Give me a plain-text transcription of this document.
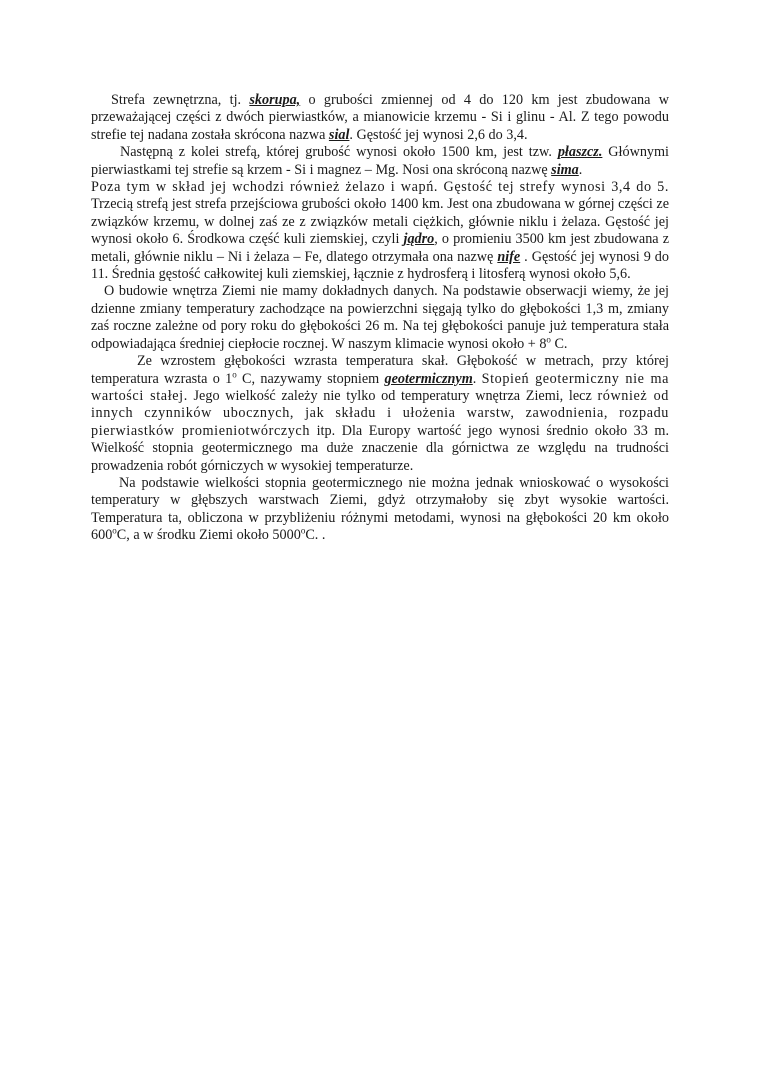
Strefa zewnętrzna, tj. skorupa, o grubości zmiennej od 4 do 120 km jest zbudowana w przeważającej części z dwóch pierwiastków, a mianowicie krzemu - Si i glinu - Al. Z tego powodu strefie tej nadana została skrócona nazwa sial. Gęstość jej wynosi 2,6 do 3,4.

Następną z kolei strefą, której grubość wynosi około 1500 km, jest tzw. płaszcz. Głównymi pierwiastkami tej strefie są krzem - Si i magnez – Mg. Nosi ona skróconą nazwę sima.

Poza tym w skład jej wchodzi również żelazo i wapń. Gęstość tej strefy wynosi 3,4 do 5. Trzecią strefą jest strefa przejściowa grubości około 1400 km. Jest ona zbudowana w górnej części ze związków krzemu, w dolnej zaś ze z związków metali ciężkich, głównie niklu i żelaza. Gęstość jej wynosi około 6. Środkowa część kuli ziemskiej, czyli jądro, o promieniu 3500 km jest zbudowana z metali, głównie niklu – Ni i żelaza – Fe, dlatego otrzymała ona nazwę nife . Gęstość jej wynosi 9 do 11. Średnia gęstość całkowitej kuli ziemskiej, łącznie z hydrosferą i litosferą wynosi około 5,6.

O budowie wnętrza Ziemi nie mamy dokładnych danych. Na podstawie obserwacji wiemy, że jej dzienne zmiany temperatury zachodzące na powierzchni sięgają tylko do głębokości 1,3 m, zmiany zaś roczne zależne od pory roku do głębokości 26 m. Na tej głębokości panuje już temperatura stała odpowiadająca średniej ciepłocie rocznej. W naszym klimacie wynosi około + $8^o$ C.

Ze wzrostem głębokości wzrasta temperatura skał. Głębokość w metrach, przy której temperatura wzrasta o 1$^o$ C, nazywamy stopniem geotermicznym. Stopień geotermiczny nie ma wartości stałej. Jego wielkość zależy nie tylko od temperatury wnętrza Ziemi, lecz również od innych czynników ubocznych, jak składu i ułożenia warstw, zawodnienia, rozpadu pierwiastków promieniotwórczych itp. Dla Europy wartość jego wynosi średnio około 33 m. Wielkość stopnia geotermicznego ma duże znaczenie dla górnictwa ze względu na trudności prowadzenia robót górniczych w wysokiej temperaturze.

Na podstawie wielkości stopnia geotermicznego nie można jednak wnioskować o wysokości temperatury w głębszych warstwach Ziemi, gdyż otrzymałoby się zbyt wysokie wartości. Temperatura ta, obliczona w przybliżeniu różnymi metodami, wynosi na głębokości 20 km około 600$^o$C, a w środku Ziemi około 5000$^o$C. .
